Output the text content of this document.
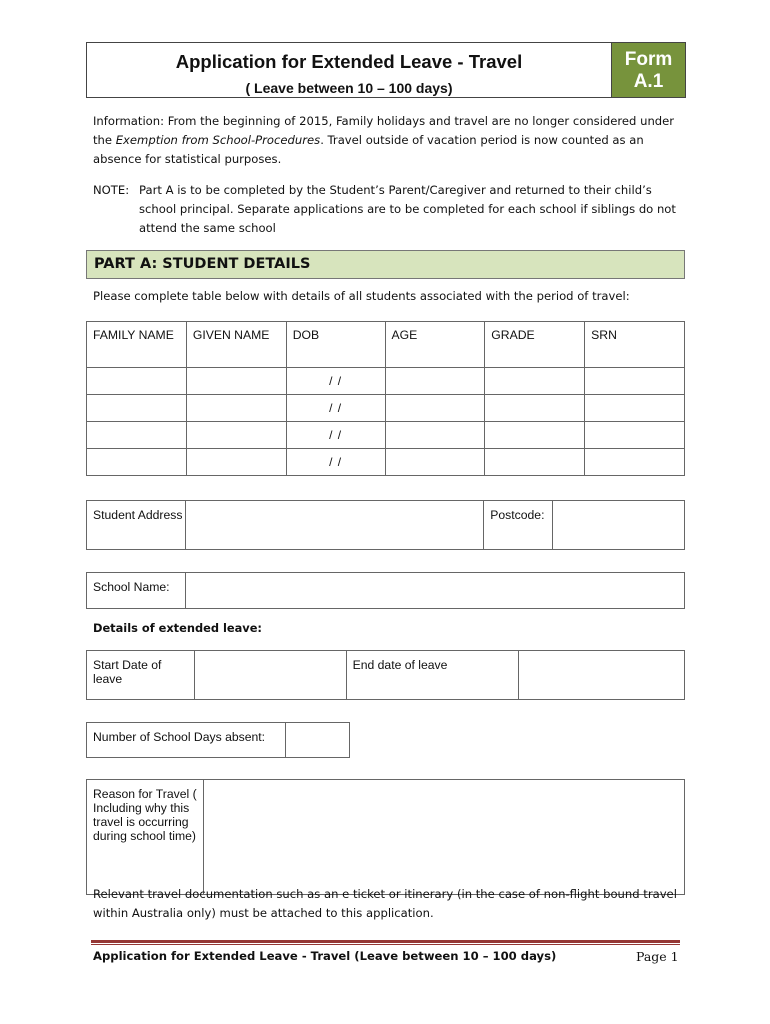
Application for Extended Leave - Travel
( Leave between 10 – 100 days)
Form
A.1
Information: From the beginning of 2015, Family holidays and travel are no longer considered under the Exemption from School-Procedures. Travel outside of vacation period is now counted as an absence for statistical purposes.
NOTE: Part A is to be completed by the Student’s Parent/Caregiver and returned to their child’s school principal. Separate applications are to be completed for each school if siblings do not attend the same school
PART A: STUDENT DETAILS
Please complete table below with details of all students associated with the period of travel:
FAMILY NAME	GIVEN NAME	DOB	AGE	GRADE	SRN
		/ /			
		/ /			
		/ /			
		/ /			
Student Address		Postcode:	
School Name:	
Details of extended leave:
Start Date of leave		End date of leave	
Number of School Days absent:	
Reason for Travel ( Including why this travel is occurring during school time)	
Relevant travel documentation such as an e ticket or itinerary (in the case of non-flight bound travel within Australia only) must be attached to this application.
Application for Extended Leave - Travel (Leave between 10 – 100 days)	Page 1
